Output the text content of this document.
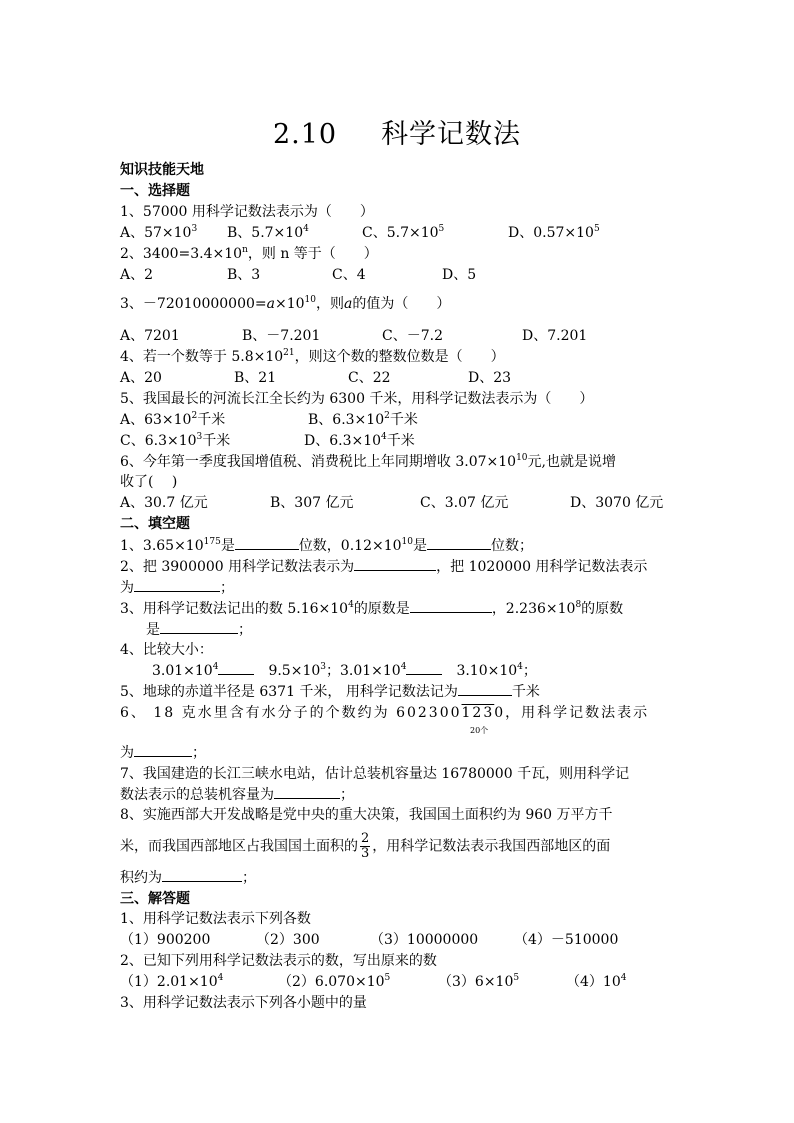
2.10 科学记数法
知识技能天地
一、选择题
1、57000 用科学记数法表示为（　　）
A、$57\times 10^3$ B、$5.7\times 10^4$	C、$5.7\times 10^5$	D、$0.57\times 10^5$
2、$3400=3.4\times 10^n$，则 n 等于（　　）
A、2	B、3	C、4	D、5
3、$-72010000000=a\times 10^{10}$，则a的值为（　　）
A、7201	B、－7.201	C、－7.2	D、7.201
4、若一个数等于 $5.8\times 10^{21}$，则这个数的整数位数是（　　）
A、20	B、21	C、22	D、23
5、我国最长的河流长江全长约为 6300 千米，用科学记数法表示为（　　）
A、$63\times 10^2$千米	B、$6.3\times 10^2$千米
C、$6.3\times 10^3$千米	D、$6.3\times 10^4$千米
6、今年第一季度我国增值税、消费税比上年同期增收 $3.07\times 10^{10}$元,也就是说增
收了(　 )
A、30.7 亿元	B、307 亿元	C、3.07 亿元	D、3070 亿元
二、填空题
1、$3.65\times 10^{175}$是	位数，$0.12\times 10^{10}$是	位数；
2、把 3900000 用科学记数法表示为	，把 1020000 用科学记数法表示
为	；
3、用科学记数法记出的数 $5.16\times 10^4$的原数是	，$2.236\times 10^8$的原数
是	；
4、比较大小：
$3.01\times 10^4$　	$9.5\times 10^3$；$3.01\times 10^4$　	$3.10\times 10^4$；
5、地球的赤道半径是 6371 千米， 用科学记数法记为	千米
6、 18 克水里含有水分子的个数约为 6023001230，用科学记数法表示
20个
为	；
7、我国建造的长江三峡水电站，估计总装机容量达 16780000 千瓦，则用科学记
数法表示的总装机容量为	；
8、实施西部大开发战略是党中央的重大决策，我国国土面积约为 960 万平方千
米，而我国西部地区占我国国土面积的 $\frac{2}{3}$ ，用科学记数法表示我国西部地区的面
积约为	；
三、解答题
1、用科学记数法表示下列各数
（1）900200	（2）300	（3）10000000	（4）－510000
2、已知下列用科学记数法表示的数，写出原来的数
$(1)2.01\times 10^4$	$(2)6.070\times 10^5$	$(3)6\times 10^5$	$(4)10^4$
3、用科学记数法表示下列各小题中的量
